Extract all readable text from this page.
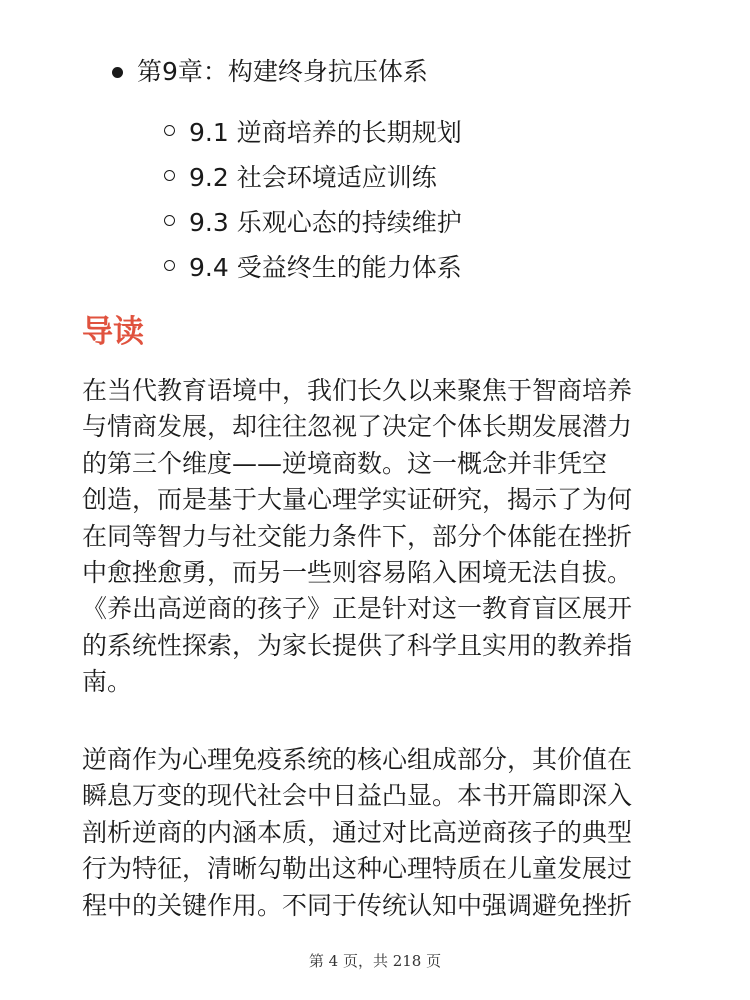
第9章：构建终身抗压体系
9.1 逆商培养的长期规划
9.2 社会环境适应训练
9.3 乐观心态的持续维护
9.4 受益终生的能力体系
导读

在当代教育语境中，我们长久以来聚焦于智商培养
与情商发展，却往往忽视了决定个体长期发展潜力
的第三个维度——逆境商数。这一概念并非凭空
创造，而是基于大量心理学实证研究，揭示了为何
在同等智力与社交能力条件下，部分个体能在挫折
中愈挫愈勇，而另一些则容易陷入困境无法自拔。
《养出高逆商的孩子》正是针对这一教育盲区展开
的系统性探索，为家长提供了科学且实用的教养指
南。

逆商作为心理免疫系统的核心组成部分，其价值在
瞬息万变的现代社会中日益凸显。本书开篇即深入
剖析逆商的内涵本质，通过对比高逆商孩子的典型
行为特征，清晰勾勒出这种心理特质在儿童发展过
程中的关键作用。不同于传统认知中强调避免挫折

第 4 页，共 218 页
